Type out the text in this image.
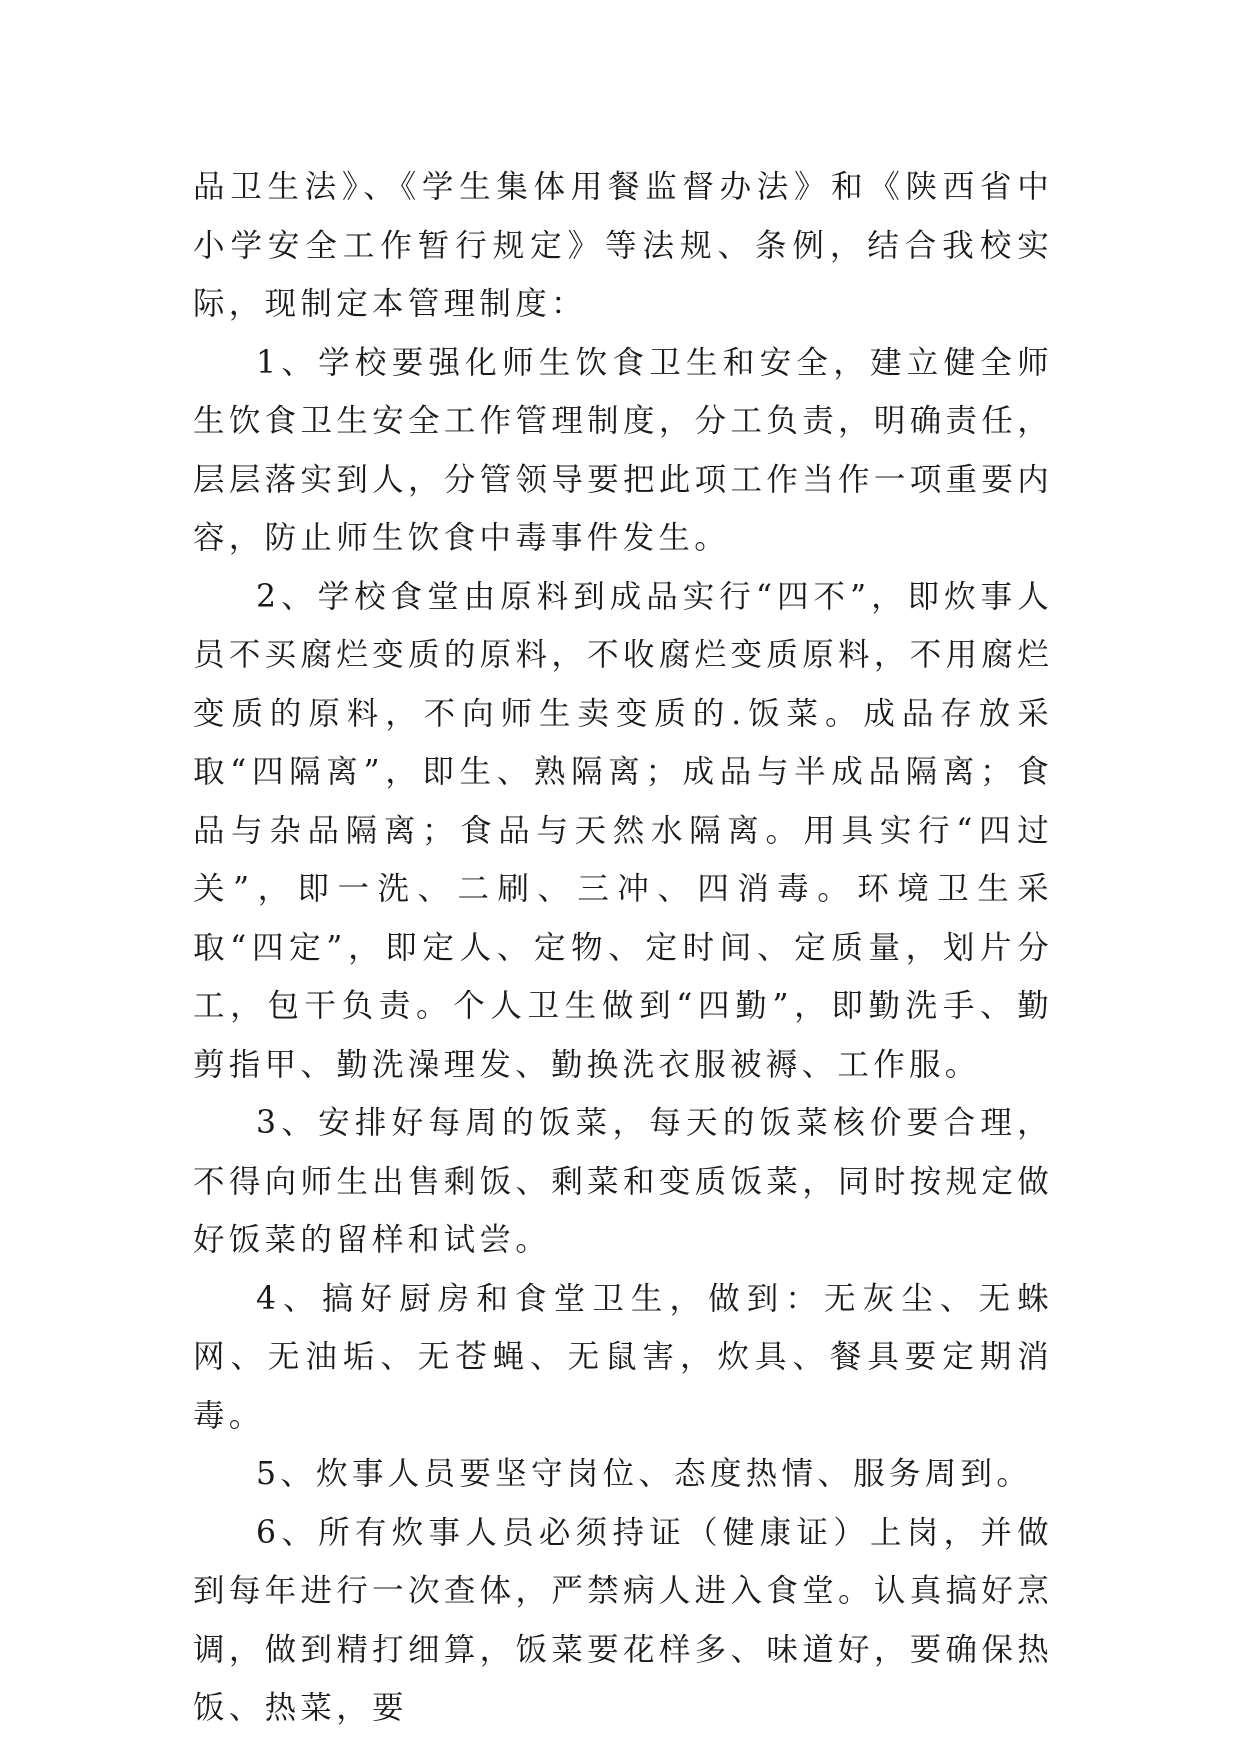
品卫生法》、《学生集体用餐监督办法》和《陕西省中小学安全工作暂行规定》等法规、条例，结合我校实际，现制定本管理制度：

1、学校要强化师生饮食卫生和安全，建立健全师生饮食卫生安全工作管理制度，分工负责，明确责任，层层落实到人，分管领导要把此项工作当作一项重要内容，防止师生饮食中毒事件发生。

2、学校食堂由原料到成品实行“四不”，即炊事人员不买腐烂变质的原料，不收腐烂变质原料，不用腐烂变质的原料，不向师生卖变质的.饭菜。成品存放采取“四隔离”，即生、熟隔离；成品与半成品隔离；食品与杂品隔离；食品与天然水隔离。用具实行“四过关”，即一洗、二刷、三冲、四消毒。环境卫生采取“四定”，即定人、定物、定时间、定质量，划片分工，包干负责。个人卫生做到“四勤”，即勤洗手、勤剪指甲、勤洗澡理发、勤换洗衣服被褥、工作服。

3、安排好每周的饭菜，每天的饭菜核价要合理，不得向师生出售剩饭、剩菜和变质饭菜，同时按规定做好饭菜的留样和试尝。

4、搞好厨房和食堂卫生，做到：无灰尘、无蛛网、无油垢、无苍蝇、无鼠害，炊具、餐具要定期消毒。

5、炊事人员要坚守岗位、态度热情、服务周到。

6、所有炊事人员必须持证（健康证）上岗，并做到每年进行一次查体，严禁病人进入食堂。认真搞好烹调，做到精打细算，饭菜要花样多、味道好，要确保热饭、热菜，要
